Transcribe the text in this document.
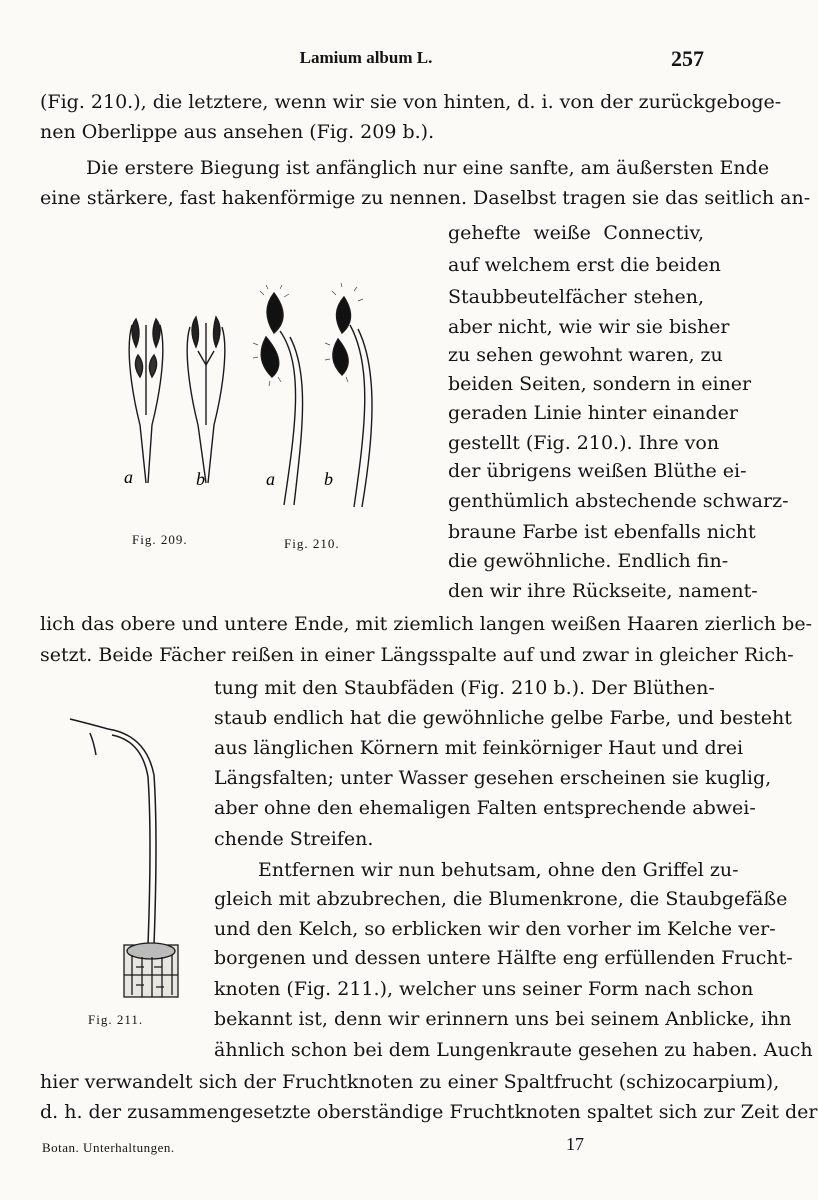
Lamium album L.	257
(Fig. 210.), die letztere, wenn wir sie von hinten, d. i. von der zurückgeboge-
nen Oberlippe aus ansehen (Fig. 209 b.).
Die erstere Biegung ist anfänglich nur eine sanfte, am äußersten Ende
eine stärkere, fast hakenförmige zu nennen. Daselbst tragen sie das seitlich an-
gehefte weiße Connectiv,
auf welchem erst die beiden
Staubbeutelfächer stehen,
aber nicht, wie wir sie bisher
zu sehen gewohnt waren, zu
beiden Seiten, sondern in einer
geraden Linie hinter einander
gestellt (Fig. 210.). Ihre von
der übrigens weißen Blüthe ei-
genthümlich abstechende schwarz-
braune Farbe ist ebenfalls nicht
die gewöhnliche. Endlich fin-
den wir ihre Rückseite, nament-
lich das obere und untere Ende, mit ziemlich langen weißen Haaren zierlich be-
setzt. Beide Fächer reißen in einer Längsspalte auf und zwar in gleicher Rich-
tung mit den Staubfäden (Fig. 210 b.). Der Blüthen-
staub endlich hat die gewöhnliche gelbe Farbe, und besteht
aus länglichen Körnern mit feinkörniger Haut und drei
Längsfalten; unter Wasser gesehen erscheinen sie kuglig,
aber ohne den ehemaligen Falten entsprechende abwei-
chende Streifen.
Entfernen wir nun behutsam, ohne den Griffel zu-
gleich mit abzubrechen, die Blumenkrone, die Staubgefäße
und den Kelch, so erblicken wir den vorher im Kelche ver-
borgenen und dessen untere Hälfte eng erfüllenden Frucht-
knoten (Fig. 211.), welcher uns seiner Form nach schon
bekannt ist, denn wir erinnern uns bei seinem Anblicke, ihn
ähnlich schon bei dem Lungenkraute gesehen zu haben. Auch
hier verwandelt sich der Fruchtknoten zu einer Spaltfrucht (schizocarpium),
d. h. der zusammengesetzte oberständige Fruchtknoten spaltet sich zur Zeit der
a	b	a	b
Fig. 209.	Fig. 210.
Fig. 211.
Botan. Unterhaltungen.	17
